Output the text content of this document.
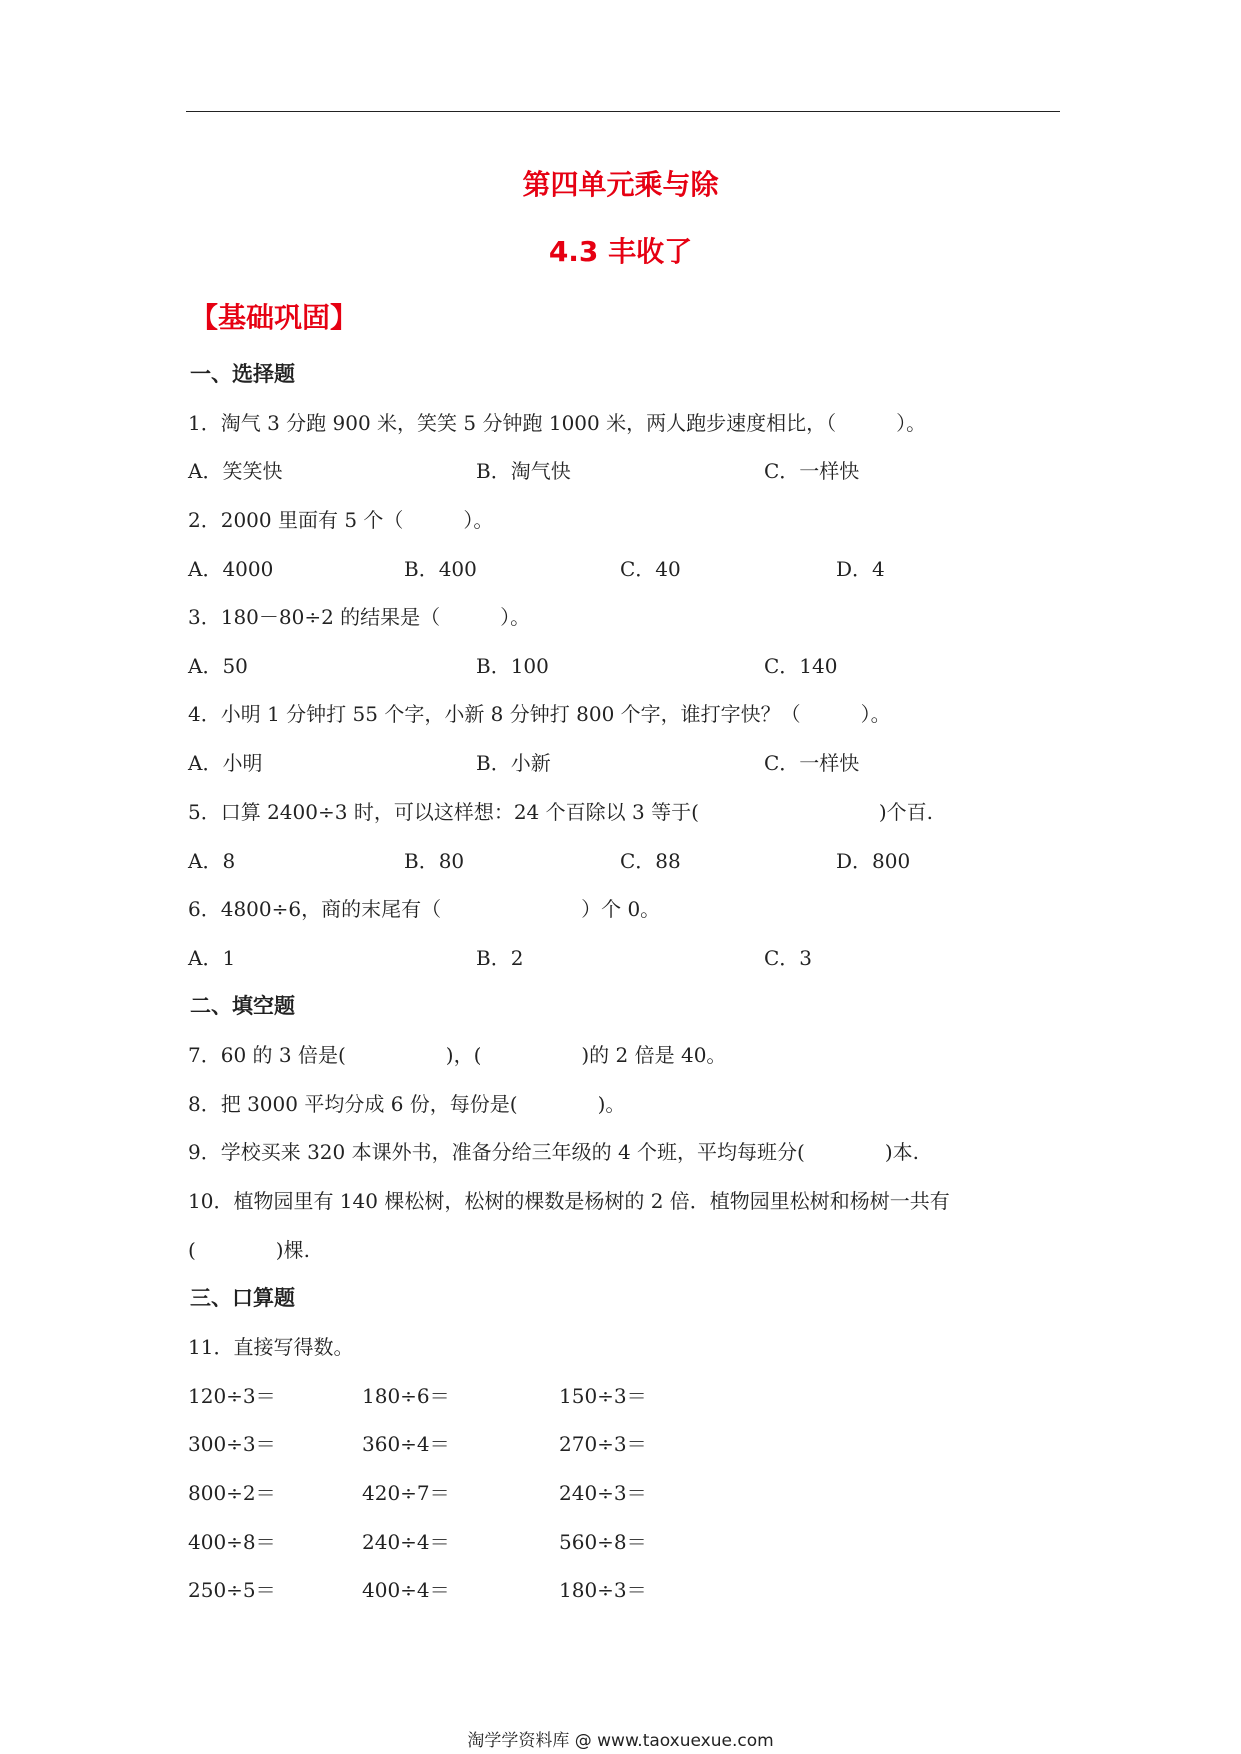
第四单元乘与除
4.3 丰收了
【基础巩固】
一、选择题
1．淘气 3 分跑 900 米，笑笑 5 分钟跑 1000 米，两人跑步速度相比，（　　　）。
A．笑笑快	B．淘气快	C．一样快
2．2000 里面有 5 个（　　　）。
A．4000	B．400	C．40	D．4
3．180－80÷2 的结果是（　　　）。
A．50	B．100	C．140
4．小明 1 分钟打 55 个字，小新 8 分钟打 800 个字，谁打字快？（　　　）。
A．小明	B．小新	C．一样快
5．口算 2400÷3 时，可以这样想：24 个百除以 3 等于(　　　　　　　　　)个百.
A．8	B．80	C．88	D．800
6．4800÷6，商的末尾有（　　　　　　　）个 0。
A．1	B．2	C．3
二、填空题
7．60 的 3 倍是(　　　　　)，(　　　　　)的 2 倍是 40。
8．把 3000 平均分成 6 份，每份是(　　　　)。
9．学校买来 320 本课外书，准备分给三年级的 4 个班，平均每班分(　　　　)本.
10．植物园里有 140 棵松树，松树的棵数是杨树的 2 倍．植物园里松树和杨树一共有
(　　　　)棵.
三、口算题
11．直接写得数。
120÷3＝	180÷6＝	150÷3＝
300÷3＝	360÷4＝	270÷3＝
800÷2＝	420÷7＝	240÷3＝
400÷8＝	240÷4＝	560÷8＝
250÷5＝	400÷4＝	180÷3＝
淘学学资料库 @ www.taoxuexue.com
